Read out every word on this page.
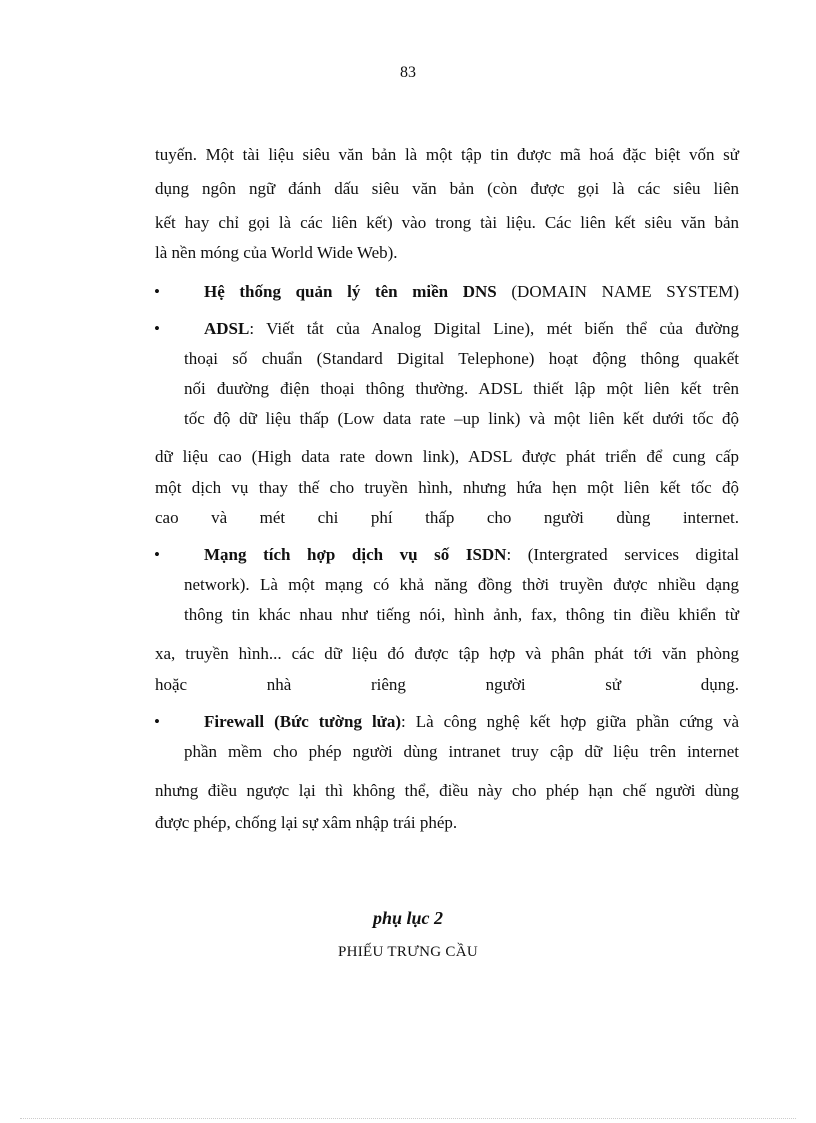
83
tuyến. Một tài liệu siêu văn bản là một tập tin được mã hoá đặc biệt vốn sử
dụng ngôn ngữ đánh dấu siêu văn bản (còn được gọi là các siêu liên
kết hay chỉ gọi là các liên kết) vào trong tài liệu. Các liên kết siêu văn bản
là nền móng của World Wide Web).
•	Hệ thống quản lý tên miền DNS (DOMAIN NAME SYSTEM)
•	ADSL: Viết tắt của Analog Digital Line), mét biến thể của đường
thoại số chuẩn (Standard Digital Telephone) hoạt động thông quakết
nối đuường điện thoại thông thường. ADSL thiết lập một liên kết trên
tốc độ dữ liệu thấp (Low data rate –up link) và một liên kết dưới tốc độ
dữ liệu cao (High data rate down link), ADSL được phát triển để cung cấp
một dịch vụ thay thế cho truyền hình, nhưng hứa hẹn một liên kết tốc độ
cao và mét chi phí thấp cho người dùng internet.
•	Mạng tích hợp dịch vụ số ISDN: (Intergrated services digital
network). Là một mạng có khả năng đồng thời truyền được nhiều dạng
thông tin khác nhau như tiếng nói, hình ảnh, fax, thông tin điều khiển từ
xa, truyền hình... các dữ liệu đó được tập hợp và phân phát tới văn phòng
hoặc nhà riêng người sử dụng.
•	Firewall (Bức tường lửa): Là công nghệ kết hợp giữa phần cứng và
phần mềm cho phép người dùng intranet truy cập dữ liệu trên internet
nhưng điều ngược lại thì không thể, điều này cho phép hạn chế người dùng
được phép, chống lại sự xâm nhập trái phép.
phụ lục 2
PHIẾU TRƯNG CẦU
